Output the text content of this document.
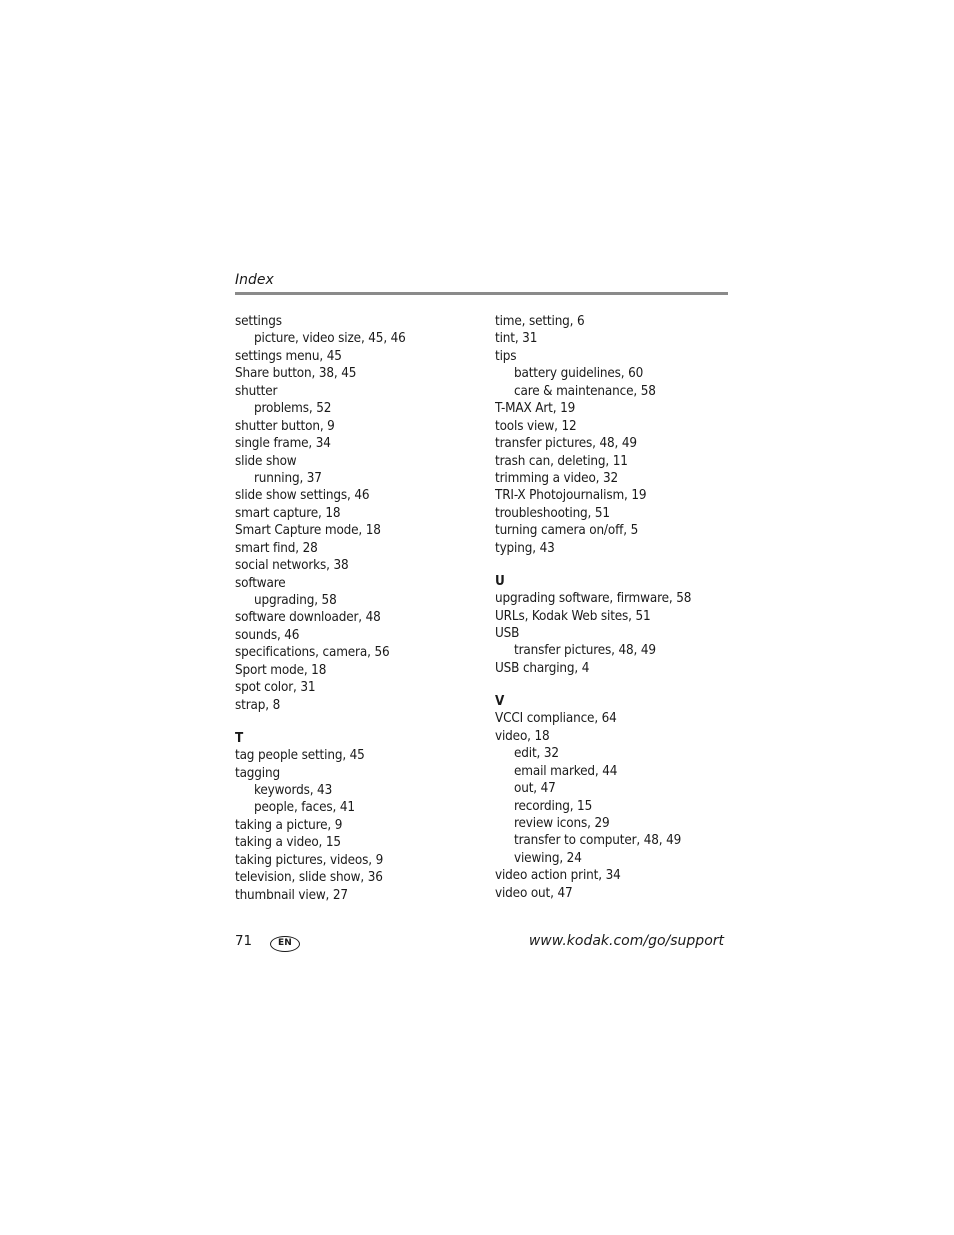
Index
settings
picture, video size, 45, 46
settings menu, 45
Share button, 38, 45
shutter
problems, 52
shutter button, 9
single frame, 34
slide show
running, 37
slide show settings, 46
smart capture, 18
Smart Capture mode, 18
smart find, 28
social networks, 38
software
upgrading, 58
software downloader, 48
sounds, 46
specifications, camera, 56
Sport mode, 18
spot color, 31
strap, 8
T
tag people setting, 45
tagging
keywords, 43
people, faces, 41
taking a picture, 9
taking a video, 15
taking pictures, videos, 9
television, slide show, 36
thumbnail view, 27
time, setting, 6
tint, 31
tips
battery guidelines, 60
care & maintenance, 58
T-MAX Art, 19
tools view, 12
transfer pictures, 48, 49
trash can, deleting, 11
trimming a video, 32
TRI-X Photojournalism, 19
troubleshooting, 51
turning camera on/off, 5
typing, 43
U
upgrading software, firmware, 58
URLs, Kodak Web sites, 51
USB
transfer pictures, 48, 49
USB charging, 4
V
VCCI compliance, 64
video, 18
edit, 32
email marked, 44
out, 47
recording, 15
review icons, 29
transfer to computer, 48, 49
viewing, 24
video action print, 34
video out, 47
71	EN	www.kodak.com/go/support
